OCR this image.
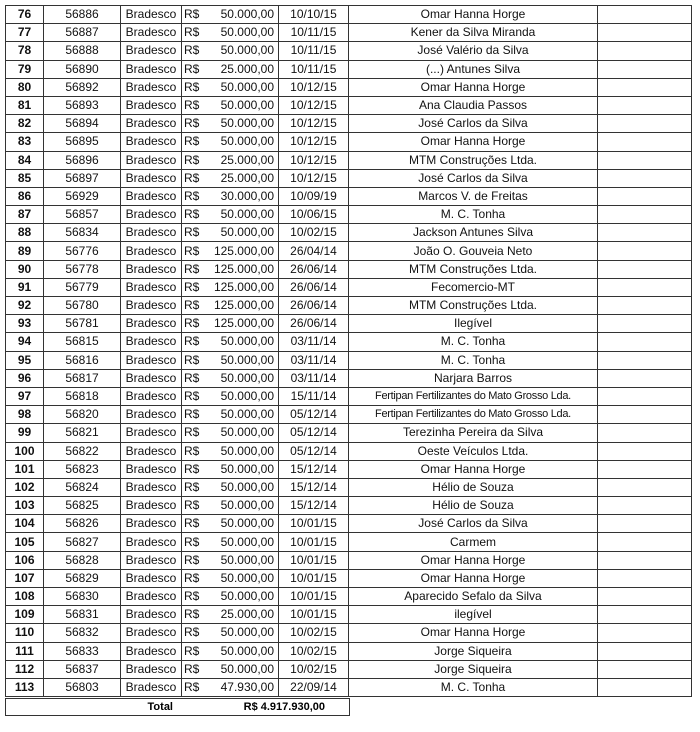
76	56886	Bradesco	R$ 50.000,00	10/10/15	Omar Hanna Horge	
77	56887	Bradesco	R$ 50.000,00	10/11/15	Kener da Silva Miranda	
78	56888	Bradesco	R$ 50.000,00	10/11/15	José Valério da Silva	
79	56890	Bradesco	R$ 25.000,00	10/11/15	(...) Antunes Silva	
80	56892	Bradesco	R$ 50.000,00	10/12/15	Omar Hanna Horge	
81	56893	Bradesco	R$ 50.000,00	10/12/15	Ana Claudia Passos	
82	56894	Bradesco	R$ 50.000,00	10/12/15	José Carlos da Silva	
83	56895	Bradesco	R$ 50.000,00	10/12/15	Omar Hanna Horge	
84	56896	Bradesco	R$ 25.000,00	10/12/15	MTM Construções Ltda.	
85	56897	Bradesco	R$ 25.000,00	10/12/15	José Carlos da Silva	
86	56929	Bradesco	R$ 30.000,00	10/09/19	Marcos V. de Freitas	
87	56857	Bradesco	R$ 50.000,00	10/06/15	M. C. Tonha	
88	56834	Bradesco	R$ 50.000,00	10/02/15	Jackson Antunes Silva	
89	56776	Bradesco	R$ 125.000,00	26/04/14	João O. Gouveia Neto	
90	56778	Bradesco	R$ 125.000,00	26/06/14	MTM Construções Ltda.	
91	56779	Bradesco	R$ 125.000,00	26/06/14	Fecomercio-MT	
92	56780	Bradesco	R$ 125.000,00	26/06/14	MTM Construções Ltda.	
93	56781	Bradesco	R$ 125.000,00	26/06/14	Ilegível	
94	56815	Bradesco	R$ 50.000,00	03/11/14	M. C. Tonha	
95	56816	Bradesco	R$ 50.000,00	03/11/14	M. C. Tonha	
96	56817	Bradesco	R$ 50.000,00	03/11/14	Narjara Barros	
97	56818	Bradesco	R$ 50.000,00	15/11/14	Fertipan Fertilizantes do Mato Grosso Lda.	
98	56820	Bradesco	R$ 50.000,00	05/12/14	Fertipan Fertilizantes do Mato Grosso Lda.	
99	56821	Bradesco	R$ 50.000,00	05/12/14	Terezinha Pereira da Silva	
100	56822	Bradesco	R$ 50.000,00	05/12/14	Oeste Veículos Ltda.	
101	56823	Bradesco	R$ 50.000,00	15/12/14	Omar Hanna Horge	
102	56824	Bradesco	R$ 50.000,00	15/12/14	Hélio de Souza	
103	56825	Bradesco	R$ 50.000,00	15/12/14	Hélio de Souza	
104	56826	Bradesco	R$ 50.000,00	10/01/15	José Carlos da Silva	
105	56827	Bradesco	R$ 50.000,00	10/01/15	Carmem	
106	56828	Bradesco	R$ 50.000,00	10/01/15	Omar Hanna Horge	
107	56829	Bradesco	R$ 50.000,00	10/01/15	Omar Hanna Horge	
108	56830	Bradesco	R$ 50.000,00	10/01/15	Aparecido Sefalo da Silva	
109	56831	Bradesco	R$ 25.000,00	10/01/15	ilegível	
110	56832	Bradesco	R$ 50.000,00	10/02/15	Omar Hanna Horge	
111	56833	Bradesco	R$ 50.000,00	10/02/15	Jorge Siqueira	
112	56837	Bradesco	R$ 50.000,00	10/02/15	Jorge Siqueira	
113	56803	Bradesco	R$ 47.930,00	22/09/14	M. C. Tonha	
Total	R$ 4.917.930,00
